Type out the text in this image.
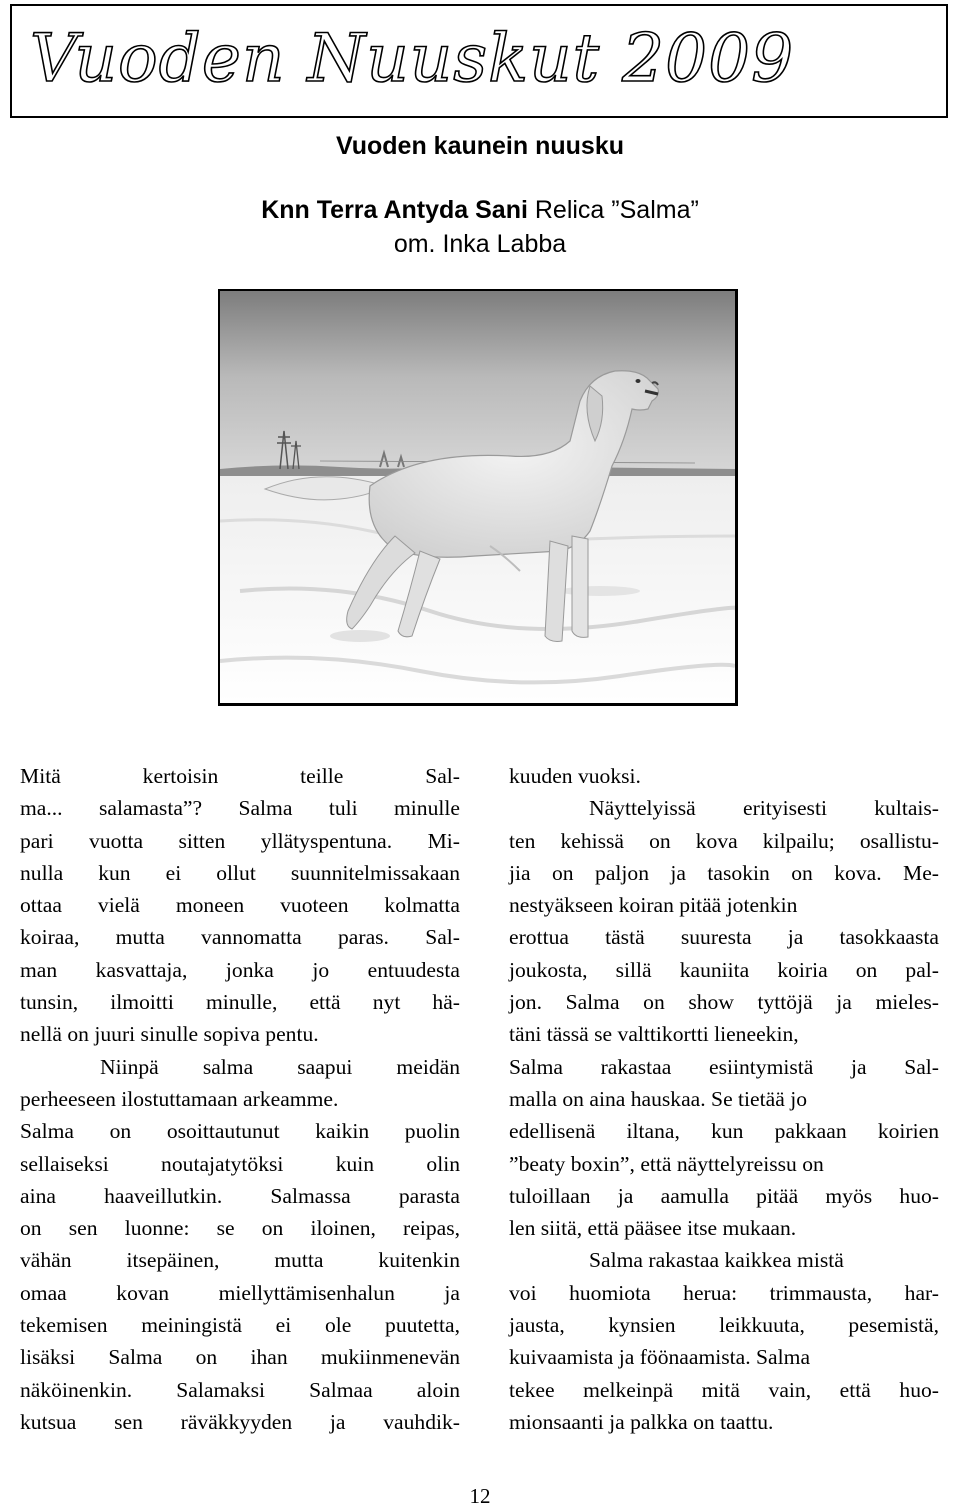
Vuoden Nuuskut 2009
Vuoden kaunein nuusku
Knn Terra Antyda Sani Relica ”Salma”
om. Inka Labba
Mitä kertoisin teille Sal-
ma... salamasta”? Salma tuli minulle
pari vuotta sitten yllätyspentuna. Mi-
nulla kun ei ollut suunnitelmissakaan
ottaa vielä moneen vuoteen kolmatta
koiraa, mutta vannomatta paras. Sal-
man kasvattaja, jonka jo entuudesta
tunsin, ilmoitti minulle, että nyt hä-
nellä on juuri sinulle sopiva pentu.
Niinpä salma saapui meidän
perheeseen ilostuttamaan arkeamme.
Salma on osoittautunut kaikin puolin
sellaiseksi noutajatytöksi kuin olin
aina haaveillutkin. Salmassa parasta
on sen luonne: se on iloinen, reipas,
vähän itsepäinen, mutta kuitenkin
omaa kovan miellyttämisenhalun ja
tekemisen meiningistä ei ole puutetta,
lisäksi Salma on ihan mukiinmenevän
näköinenkin. Salamaksi Salmaa aloin
kutsua sen räväkkyyden ja vauhdik-
kuuden vuoksi.
Näyttelyissä erityisesti kultais-
ten kehissä on kova kilpailu; osallistu-
jia on paljon ja tasokin on kova. Me-
nestyäkseen koiran pitää jotenkin
erottua tästä suuresta ja tasokkaasta
joukosta, sillä kauniita koiria on pal-
jon. Salma on show tyttöjä ja mieles-
täni tässä se valttikortti lieneekin,
Salma rakastaa esiintymistä ja Sal-
malla on aina hauskaa. Se tietää jo
edellisenä iltana, kun pakkaan koirien
”beaty boxin”, että näyttelyreissu on
tuloillaan ja aamulla pitää myös huo-
len siitä, että pääsee itse mukaan.
Salma rakastaa kaikkea mistä
voi huomiota herua: trimmausta, har-
jausta, kynsien leikkuuta, pesemistä,
kuivaamista ja föönaamista. Salma
tekee melkeinpä mitä vain, että huo-
mionsaanti ja palkka on taattu.
12
